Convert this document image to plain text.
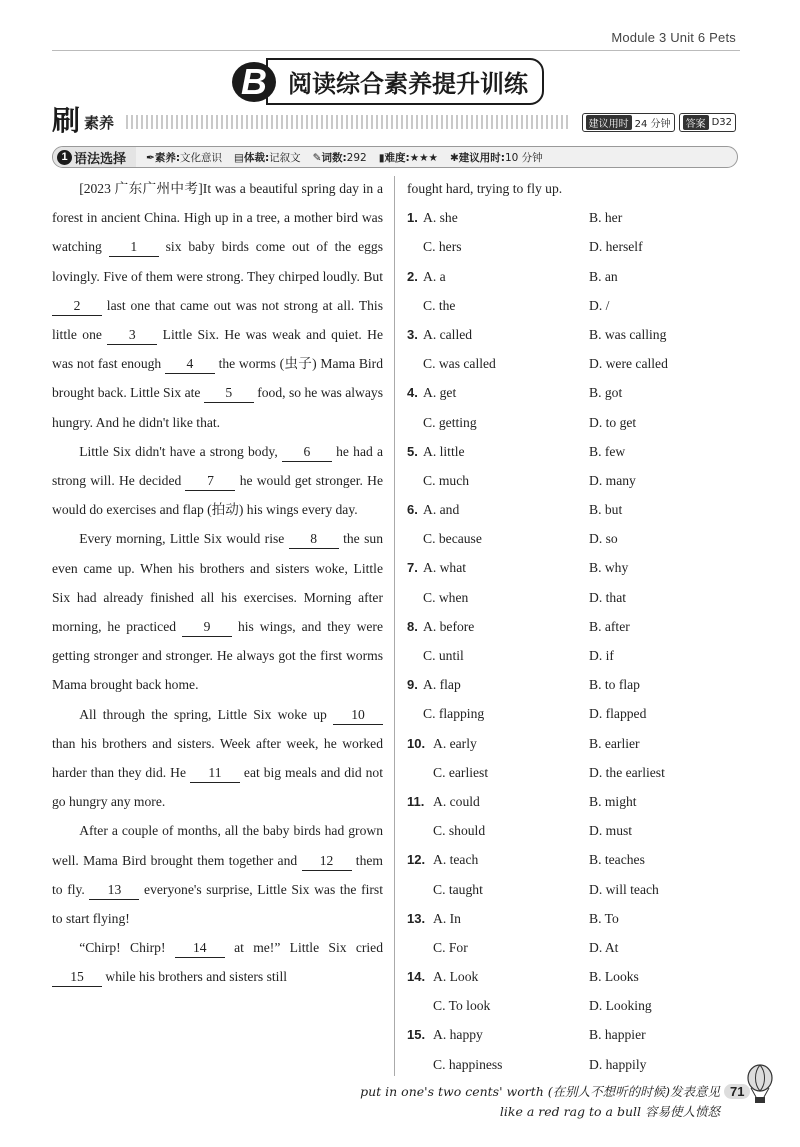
Module 3 Unit 6 Pets
B 阅读综合素养提升训练
刷 素养	建议用时 24 分钟	答案 D32
1 语法选择 ✒素养:文化意识 ▤体裁:记叙文 ✎词数:292 ▮难度:★★★ ✱建议用时:10 分钟

[2023 广东广州中考]It was a beautiful spring day in a forest in ancient China. High up in a tree, a mother bird was watching 1 six baby birds come out of the eggs lovingly. Five of them were strong. They chirped loudly. But 2 last one that came out was not strong at all. This little one 3 Little Six. He was weak and quiet. He was not fast enough 4 the worms (虫子) Mama Bird brought back. Little Six ate 5 food, so he was always hungry. And he didn't like that.

Little Six didn't have a strong body, 6 he had a strong will. He decided 7 he would get stronger. He would do exercises and flap (拍动) his wings every day.

Every morning, Little Six would rise 8 the sun even came up. When his brothers and sisters woke, Little Six had already finished all his exercises. Morning after morning, he practiced 9 his wings, and they were getting stronger and stronger. He always got the first worms Mama brought back home.

All through the spring, Little Six woke up 10 than his brothers and sisters. Week after week, he worked harder than they did. He 11 eat big meals and did not go hungry any more.

After a couple of months, all the baby birds had grown well. Mama Bird brought them together and 12 them to fly. 13 everyone's surprise, Little Six was the first to start flying!

“Chirp! Chirp! 14 at me!” Little Six cried 15 while his brothers and sisters still

fought hard, trying to fly up.
1. A. she	B. her
C. hers	D. herself
2. A. a	B. an
C. the	D. /
3. A. called	B. was calling
C. was called	D. were called
4. A. get	B. got
C. getting	D. to get
5. A. little	B. few
C. much	D. many
6. A. and	B. but
C. because	D. so
7. A. what	B. why
C. when	D. that
8. A. before	B. after
C. until	D. if
9. A. flap	B. to flap
C. flapping	D. flapped
10. A. early	B. earlier
C. earliest	D. the earliest
11. A. could	B. might
C. should	D. must
12. A. teach	B. teaches
C. taught	D. will teach
13. A. In	B. To
C. For	D. At
14. A. Look	B. Looks
C. To look	D. Looking
15. A. happy	B. happier
C. happiness	D. happily
put in one's two cents' worth (在别人不想听的时候)发表意见
like a red rag to a bull 容易使人愤怒
71
